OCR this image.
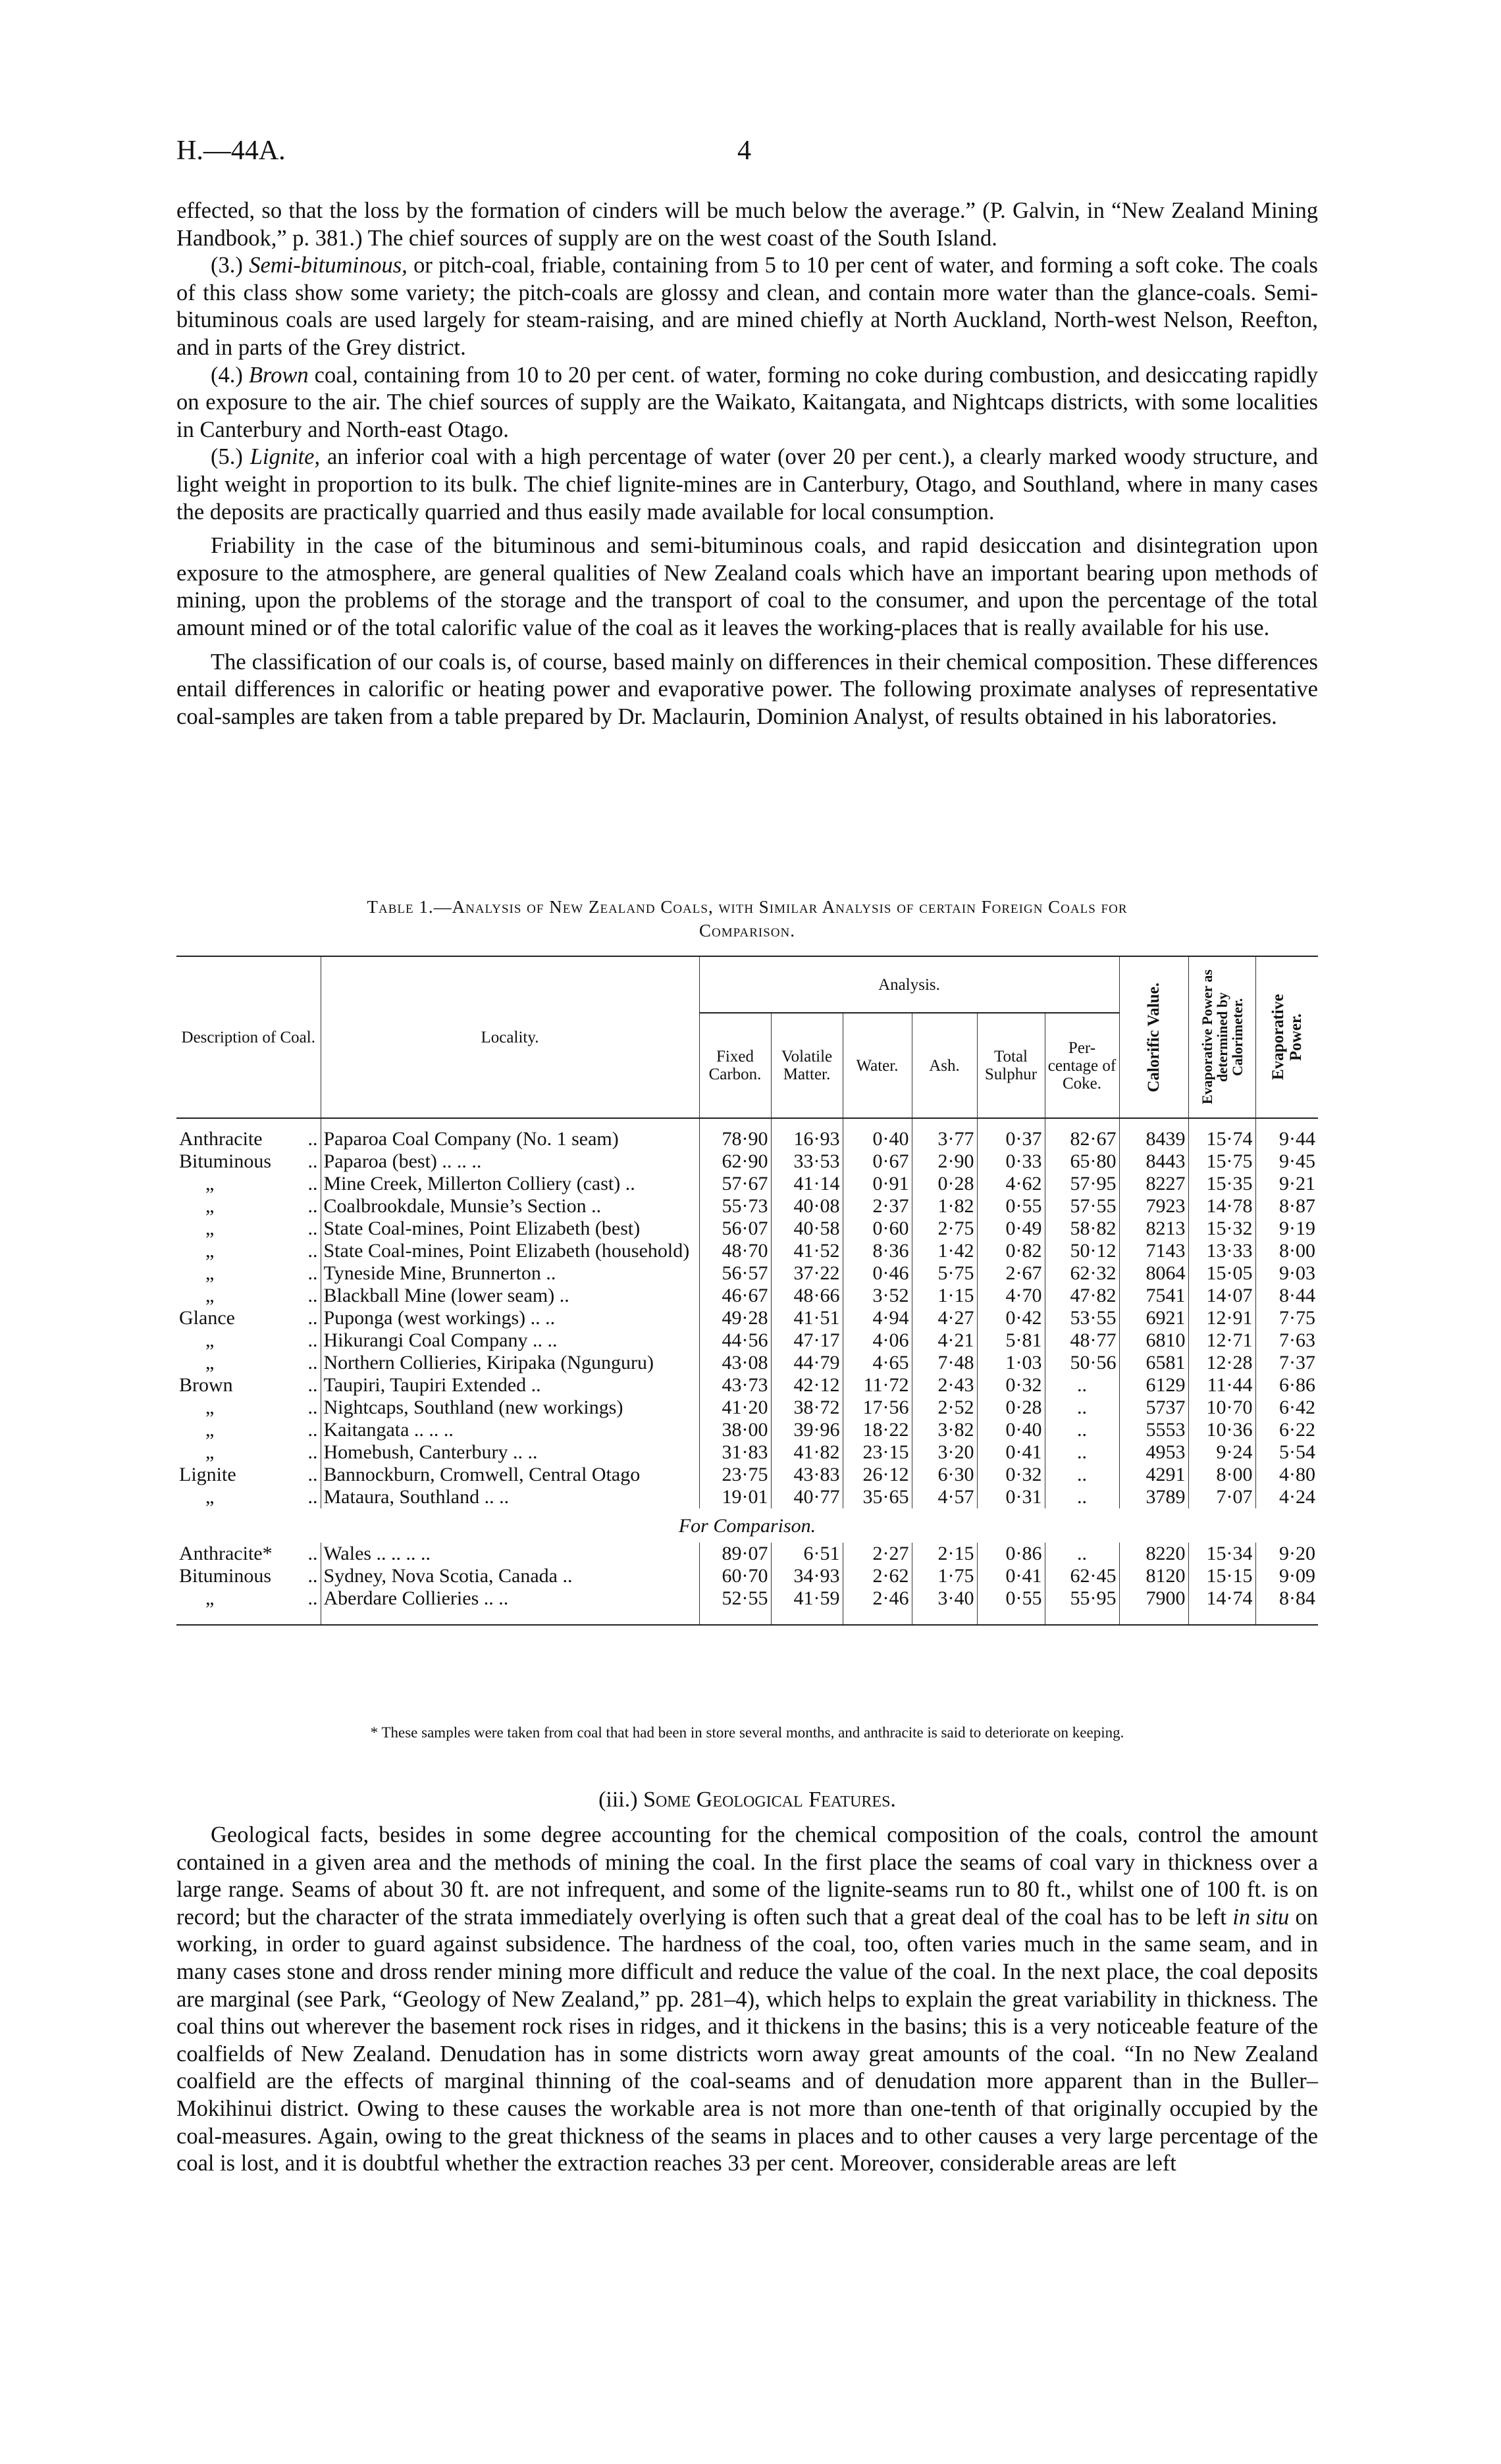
H.—44A.	4

effected, so that the loss by the formation of cinders will be much below the average.” (P. Galvin, in “New Zealand Mining Handbook,” p. 381.) The chief sources of supply are on the west coast of the South Island.

(3.) Semi-bituminous, or pitch-coal, friable, containing from 5 to 10 per cent of water, and forming a soft coke. The coals of this class show some variety; the pitch-coals are glossy and clean, and contain more water than the glance-coals. Semi-bituminous coals are used largely for steam-raising, and are mined chiefly at North Auckland, North-west Nelson, Reefton, and in parts of the Grey district.

(4.) Brown coal, containing from 10 to 20 per cent. of water, forming no coke during combustion, and desiccating rapidly on exposure to the air. The chief sources of supply are the Waikato, Kaitangata, and Nightcaps districts, with some localities in Canterbury and North-east Otago.

(5.) Lignite, an inferior coal with a high percentage of water (over 20 per cent.), a clearly marked woody structure, and light weight in proportion to its bulk. The chief lignite-mines are in Canterbury, Otago, and Southland, where in many cases the deposits are practically quarried and thus easily made available for local consumption.

Friability in the case of the bituminous and semi-bituminous coals, and rapid desiccation and disintegration upon exposure to the atmosphere, are general qualities of New Zealand coals which have an important bearing upon methods of mining, upon the problems of the storage and the transport of coal to the consumer, and upon the percentage of the total amount mined or of the total calorific value of the coal as it leaves the working-places that is really available for his use.

The classification of our coals is, of course, based mainly on differences in their chemical composition. These differences entail differences in calorific or heating power and evaporative power. The following proximate analyses of representative coal-samples are taken from a table prepared by Dr. Maclaurin, Dominion Analyst, of results obtained in his laboratories.

Table 1.—Analysis of New Zealand Coals, with Similar Analysis of certain Foreign Coals for
Comparison.
Description of Coal.	Locality.	Analysis.						Calorific Value.	Evaporative Power as determined by Calorimeter.	Evaporative Power.

		Fixed Carbon.	Volatile Matter.	Water.	Ash.	Total Sulphur	Per-centage of Coke.			

Anthracite .. Paparoa Coal Company (No. 1 seam)	78·90	16·93	0·40	3·77	0·37	82·67	8439	15·74	9·44

Bituminous .. Paparoa (best) .. .. ..	62·90	33·53	0·67	2·90	0·33	65·80	8443	15·75	9·45

„	.. Mine Creek, Millerton Colliery (cast) ..	57·67	41·14	0·91	0·28	4·62	57·95	8227	15·35	9·21

„	.. Coalbrookdale, Munsie’s Section ..	55·73	40·08	2·37	1·82	0·55	57·55	7923	14·78	8·87

„	.. State Coal-mines, Point Elizabeth (best)	56·07	40·58	0·60	2·75	0·49	58·82	8213	15·32	9·19

„	.. State Coal-mines, Point Elizabeth (household)	48·70	41·52	8·36	1·42	0·82	50·12	7143	13·33	8·00

„	.. Tyneside Mine, Brunnerton ..	56·57	37·22	0·46	5·75	2·67	62·32	8064	15·05	9·03

„	.. Blackball Mine (lower seam) ..	46·67	48·66	3·52	1·15	4·70	47·82	7541	14·07	8·44

Glance	.. Puponga (west workings) .. ..	49·28	41·51	4·94	4·27	0·42	53·55	6921	12·91	7·75

„	.. Hikurangi Coal Company .. ..	44·56	47·17	4·06	4·21	5·81	48·77	6810	12·71	7·63

„	.. Northern Collieries, Kiripaka (Ngunguru)	43·08	44·79	4·65	7·48	1·03	50·56	6581	12·28	7·37

Brown	.. Taupiri, Taupiri Extended ..	43·73	42·12	11·72	2·43	0·32	..	6129	11·44	6·86

„	.. Nightcaps, Southland (new workings)	41·20	38·72	17·56	2·52	0·28	..	5737	10·70	6·42

„	.. Kaitangata .. .. ..	38·00	39·96	18·22	3·82	0·40	..	5553	10·36	6·22

„	.. Homebush, Canterbury .. ..	31·83	41·82	23·15	3·20	0·41	..	4953	9·24	5·54

Lignite	.. Bannockburn, Cromwell, Central Otago	23·75	43·83	26·12	6·30	0·32	..	4291	8·00	4·80

„	.. Mataura, Southland .. ..	19·01	40·77	35·65	4·57	0·31	..	3789	7·07	4·24
For Comparison.										

Anthracite* .. Wales .. .. .. ..	89·07	6·51	2·27	2·15	0·86	..	8220	15·34	9·20

Bituminous .. Sydney, Nova Scotia, Canada ..	60·70	34·93	2·62	1·75	0·41	62·45	8120	15·15	9·09

„	.. Aberdare Collieries .. ..	52·55	41·59	2·46	3·40	0·55	55·95	7900	14·74	8·84

* These samples were taken from coal that had been in store several months, and anthracite is said to deteriorate on keeping.
(iii.) Some Geological Features.

Geological facts, besides in some degree accounting for the chemical composition of the coals, control the amount contained in a given area and the methods of mining the coal. In the first place the seams of coal vary in thickness over a large range. Seams of about 30 ft. are not infrequent, and some of the lignite-seams run to 80 ft., whilst one of 100 ft. is on record; but the character of the strata immediately overlying is often such that a great deal of the coal has to be left in situ on working, in order to guard against subsidence. The hardness of the coal, too, often varies much in the same seam, and in many cases stone and dross render mining more difficult and reduce the value of the coal. In the next place, the coal deposits are marginal (see Park, “Geology of New Zealand,” pp. 281–4), which helps to explain the great variability in thickness. The coal thins out wherever the basement rock rises in ridges, and it thickens in the basins; this is a very noticeable feature of the coalfields of New Zealand. Denudation has in some districts worn away great amounts of the coal. “In no New Zealand coalfield are the effects of marginal thinning of the coal-seams and of denudation more apparent than in the Buller–Mokihinui district. Owing to these causes the workable area is not more than one-tenth of that originally occupied by the coal-measures. Again, owing to the great thickness of the seams in places and to other causes a very large percentage of the coal is lost, and it is doubtful whether the extraction reaches 33 per cent. Moreover, considerable areas are left
